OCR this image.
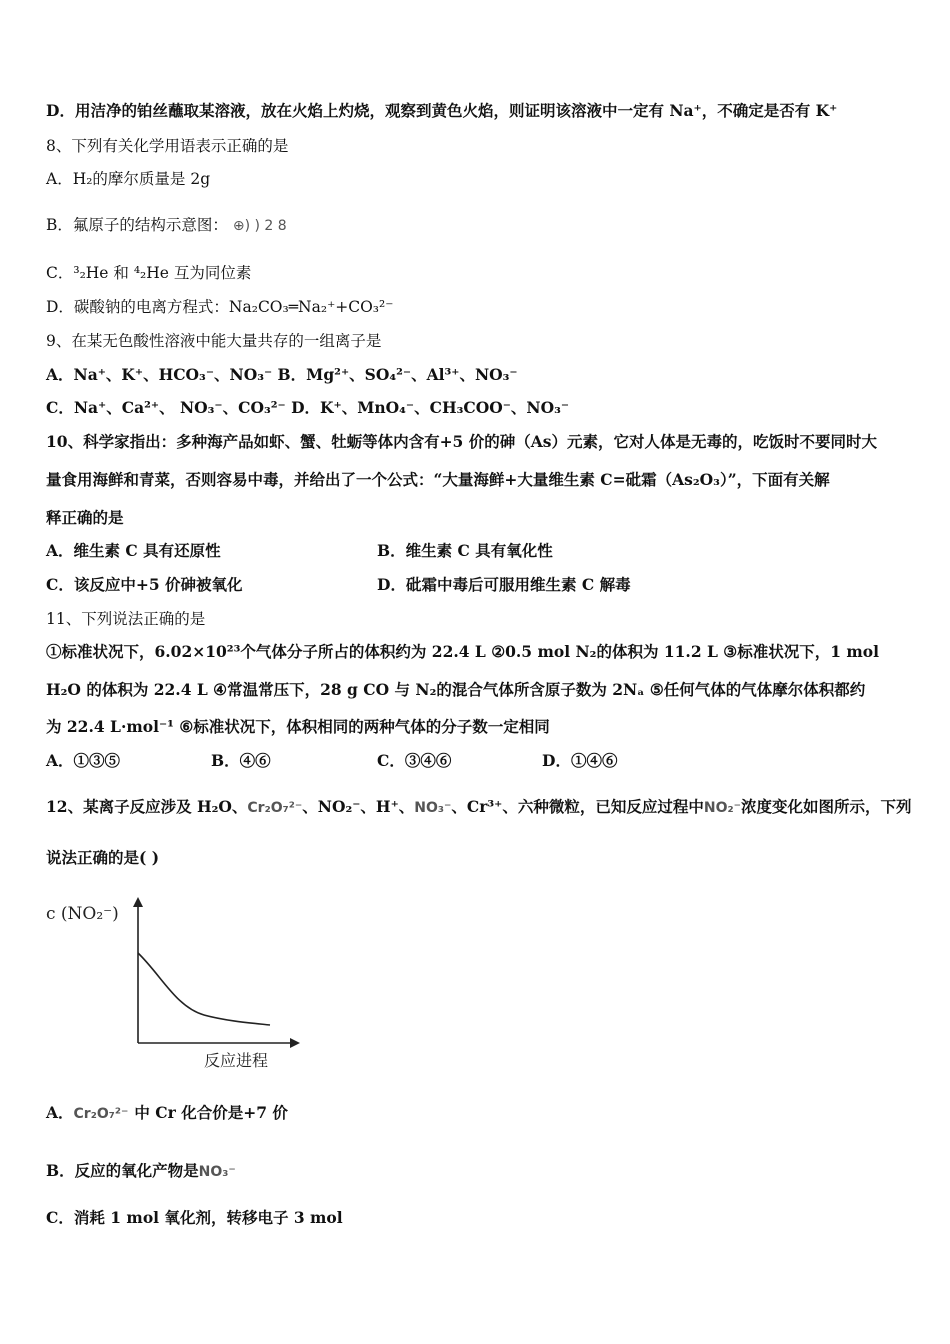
D．用洁净的铂丝蘸取某溶液，放在火焰上灼烧，观察到黄色火焰，则证明该溶液中一定有 Na⁺，不确定是否有 K⁺
8、下列有关化学用语表示正确的是
A．H₂的摩尔质量是 2g
B．氟原子的结构示意图： ⊕) ) 2 8
C．³₂He 和 ⁴₂He 互为同位素
D．碳酸钠的电离方程式：Na₂CO₃═Na₂⁺+CO₃²⁻
9、在某无色酸性溶液中能大量共存的一组离子是
A．Na⁺、K⁺、HCO₃⁻、NO₃⁻ B．Mg²⁺、SO₄²⁻、Al³⁺、NO₃⁻
C．Na⁺、Ca²⁺、 NO₃⁻、CO₃²⁻ D．K⁺、MnO₄⁻、CH₃COO⁻、NO₃⁻
10、科学家指出：多种海产品如虾、蟹、牡蛎等体内含有+5 价的砷（As）元素，它对人体是无毒的，吃饭时不要同时大
量食用海鲜和青菜，否则容易中毒，并给出了一个公式：“大量海鲜+大量维生素 C=砒霜（As₂O₃）”，下面有关解
释正确的是
A．维生素 C 具有还原性	B．维生素 C 具有氧化性
C．该反应中+5 价砷被氧化	D．砒霜中毒后可服用维生素 C 解毒
11、下列说法正确的是
①标准状况下，6.02×10²³个气体分子所占的体积约为 22.4 L ②0.5 mol N₂的体积为 11.2 L ③标准状况下，1 mol
H₂O 的体积为 22.4 L ④常温常压下，28 g CO 与 N₂的混合气体所含原子数为 2Nₐ ⑤任何气体的气体摩尔体积都约
为 22.4 L·mol⁻¹ ⑥标准状况下，体积相同的两种气体的分子数一定相同
A．①③⑤	B．④⑥	C．③④⑥	D．①④⑥
12、某离子反应涉及 H₂O、Cr₂O₇²⁻、NO₂⁻、H⁺、NO₃⁻、Cr³⁺、六种微粒，已知反应过程中NO₂⁻浓度变化如图所示，下列
说法正确的是( )
c (NO₂⁻)
反应进程
A．Cr₂O₇²⁻ 中 Cr 化合价是+7 价
B．反应的氧化产物是NO₃⁻
C．消耗 1 mol 氧化剂，转移电子 3 mol
